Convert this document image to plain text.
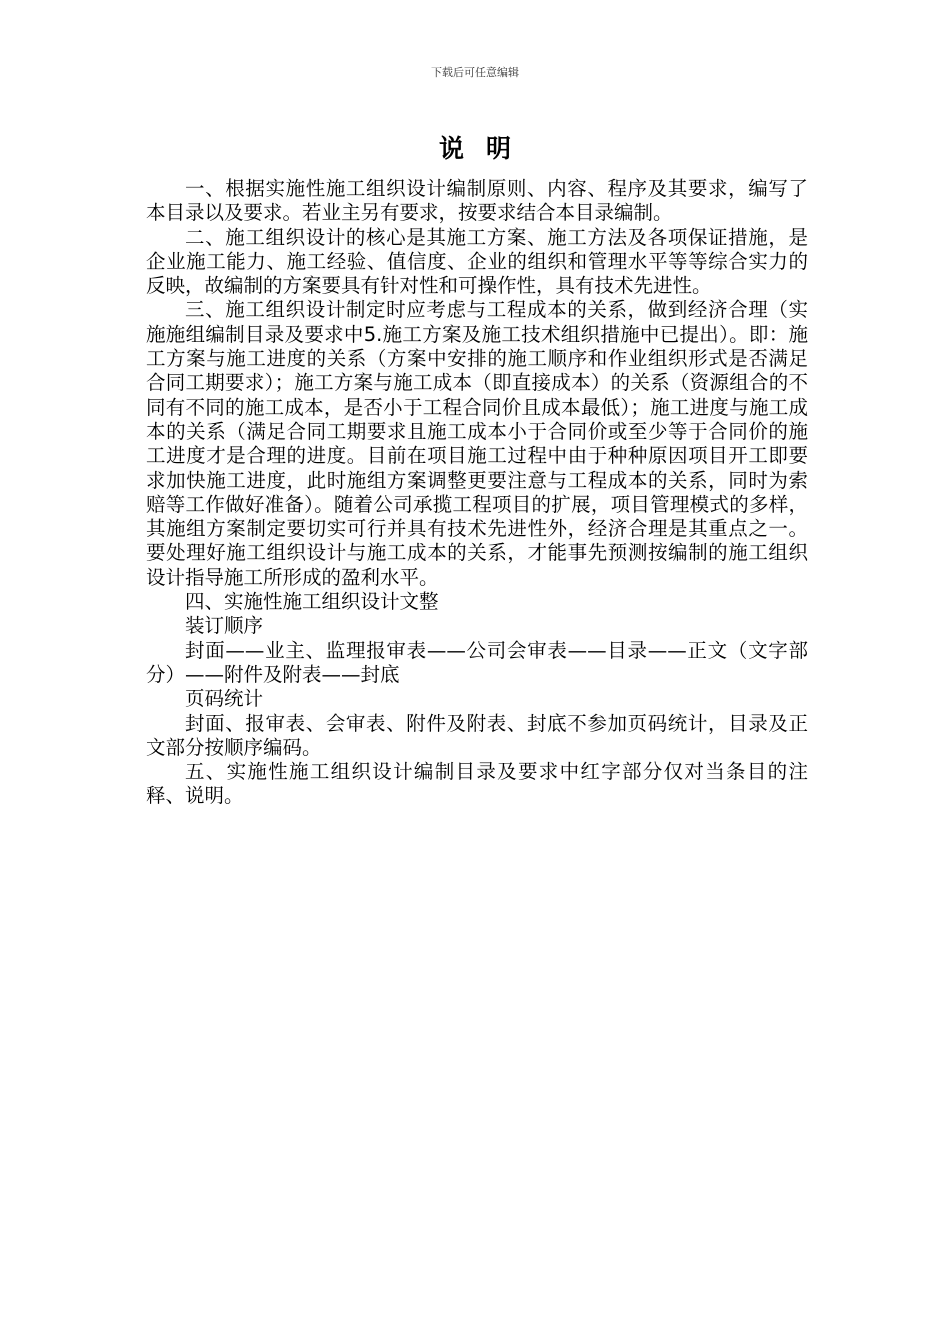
下载后可任意编辑
说明

一、根据实施性施工组织设计编制原则、内容、程序及其要求，编写了本目录以及要求。若业主另有要求，按要求结合本目录编制。

二、施工组织设计的核心是其施工方案、施工方法及各项保证措施，是企业施工能力、施工经验、值信度、企业的组织和管理水平等等综合实力的反映，故编制的方案要具有针对性和可操作性，具有技术先进性。

三、施工组织设计制定时应考虑与工程成本的关系，做到经济合理（实施施组编制目录及要求中5.施工方案及施工技术组织措施中已提出）。即：施工方案与施工进度的关系（方案中安排的施工顺序和作业组织形式是否满足合同工期要求）；施工方案与施工成本（即直接成本）的关系（资源组合的不同有不同的施工成本，是否小于工程合同价且成本最低）；施工进度与施工成本的关系（满足合同工期要求且施工成本小于合同价或至少等于合同价的施工进度才是合理的进度。目前在项目施工过程中由于种种原因项目开工即要求加快施工进度，此时施组方案调整更要注意与工程成本的关系，同时为索赔等工作做好准备）。随着公司承揽工程项目的扩展，项目管理模式的多样，其施组方案制定要切实可行并具有技术先进性外，经济合理是其重点之一。要处理好施工组织设计与施工成本的关系，才能事先预测按编制的施工组织设计指导施工所形成的盈利水平。

四、实施性施工组织设计文整

装订顺序

封面——业主、监理报审表——公司会审表——目录——正文（文字部分）——附件及附表——封底

页码统计

封面、报审表、会审表、附件及附表、封底不参加页码统计，目录及正文部分按顺序编码。

五、实施性施工组织设计编制目录及要求中红字部分仅对当条目的注释、说明。
